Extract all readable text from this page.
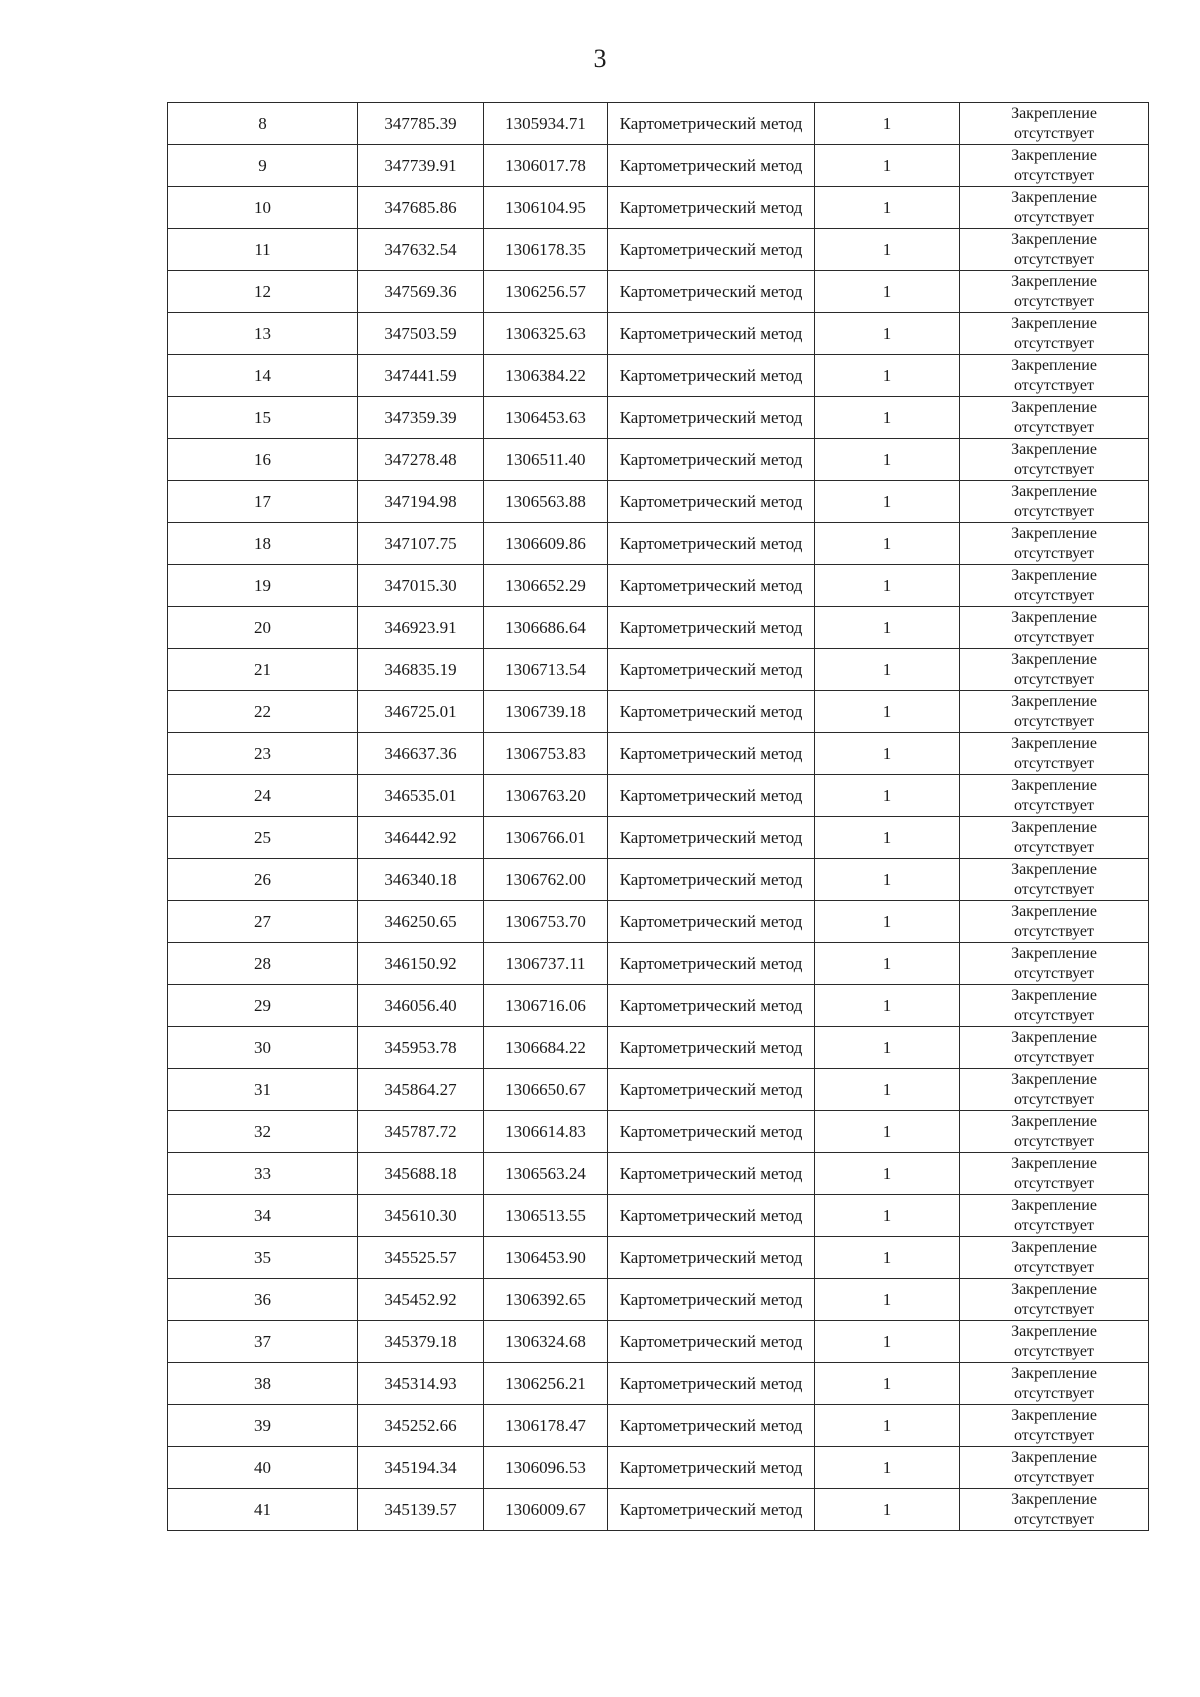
3
8	347785.39	1305934.71	Картометрический метод	1	Закрепление
отсутствует

9	347739.91	1306017.78	Картометрический метод	1	Закрепление
отсутствует

10	347685.86	1306104.95	Картометрический метод	1	Закрепление
отсутствует

11	347632.54	1306178.35	Картометрический метод	1	Закрепление
отсутствует

12	347569.36	1306256.57	Картометрический метод	1	Закрепление
отсутствует

13	347503.59	1306325.63	Картометрический метод	1	Закрепление
отсутствует

14	347441.59	1306384.22	Картометрический метод	1	Закрепление
отсутствует

15	347359.39	1306453.63	Картометрический метод	1	Закрепление
отсутствует

16	347278.48	1306511.40	Картометрический метод	1	Закрепление
отсутствует

17	347194.98	1306563.88	Картометрический метод	1	Закрепление
отсутствует

18	347107.75	1306609.86	Картометрический метод	1	Закрепление
отсутствует

19	347015.30	1306652.29	Картометрический метод	1	Закрепление
отсутствует

20	346923.91	1306686.64	Картометрический метод	1	Закрепление
отсутствует

21	346835.19	1306713.54	Картометрический метод	1	Закрепление
отсутствует

22	346725.01	1306739.18	Картометрический метод	1	Закрепление
отсутствует

23	346637.36	1306753.83	Картометрический метод	1	Закрепление
отсутствует

24	346535.01	1306763.20	Картометрический метод	1	Закрепление
отсутствует

25	346442.92	1306766.01	Картометрический метод	1	Закрепление
отсутствует

26	346340.18	1306762.00	Картометрический метод	1	Закрепление
отсутствует

27	346250.65	1306753.70	Картометрический метод	1	Закрепление
отсутствует

28	346150.92	1306737.11	Картометрический метод	1	Закрепление
отсутствует

29	346056.40	1306716.06	Картометрический метод	1	Закрепление
отсутствует

30	345953.78	1306684.22	Картометрический метод	1	Закрепление
отсутствует

31	345864.27	1306650.67	Картометрический метод	1	Закрепление
отсутствует

32	345787.72	1306614.83	Картометрический метод	1	Закрепление
отсутствует

33	345688.18	1306563.24	Картометрический метод	1	Закрепление
отсутствует

34	345610.30	1306513.55	Картометрический метод	1	Закрепление
отсутствует

35	345525.57	1306453.90	Картометрический метод	1	Закрепление
отсутствует

36	345452.92	1306392.65	Картометрический метод	1	Закрепление
отсутствует

37	345379.18	1306324.68	Картометрический метод	1	Закрепление
отсутствует

38	345314.93	1306256.21	Картометрический метод	1	Закрепление
отсутствует

39	345252.66	1306178.47	Картометрический метод	1	Закрепление
отсутствует

40	345194.34	1306096.53	Картометрический метод	1	Закрепление
отсутствует

41	345139.57	1306009.67	Картометрический метод	1	Закрепление
отсутствует
